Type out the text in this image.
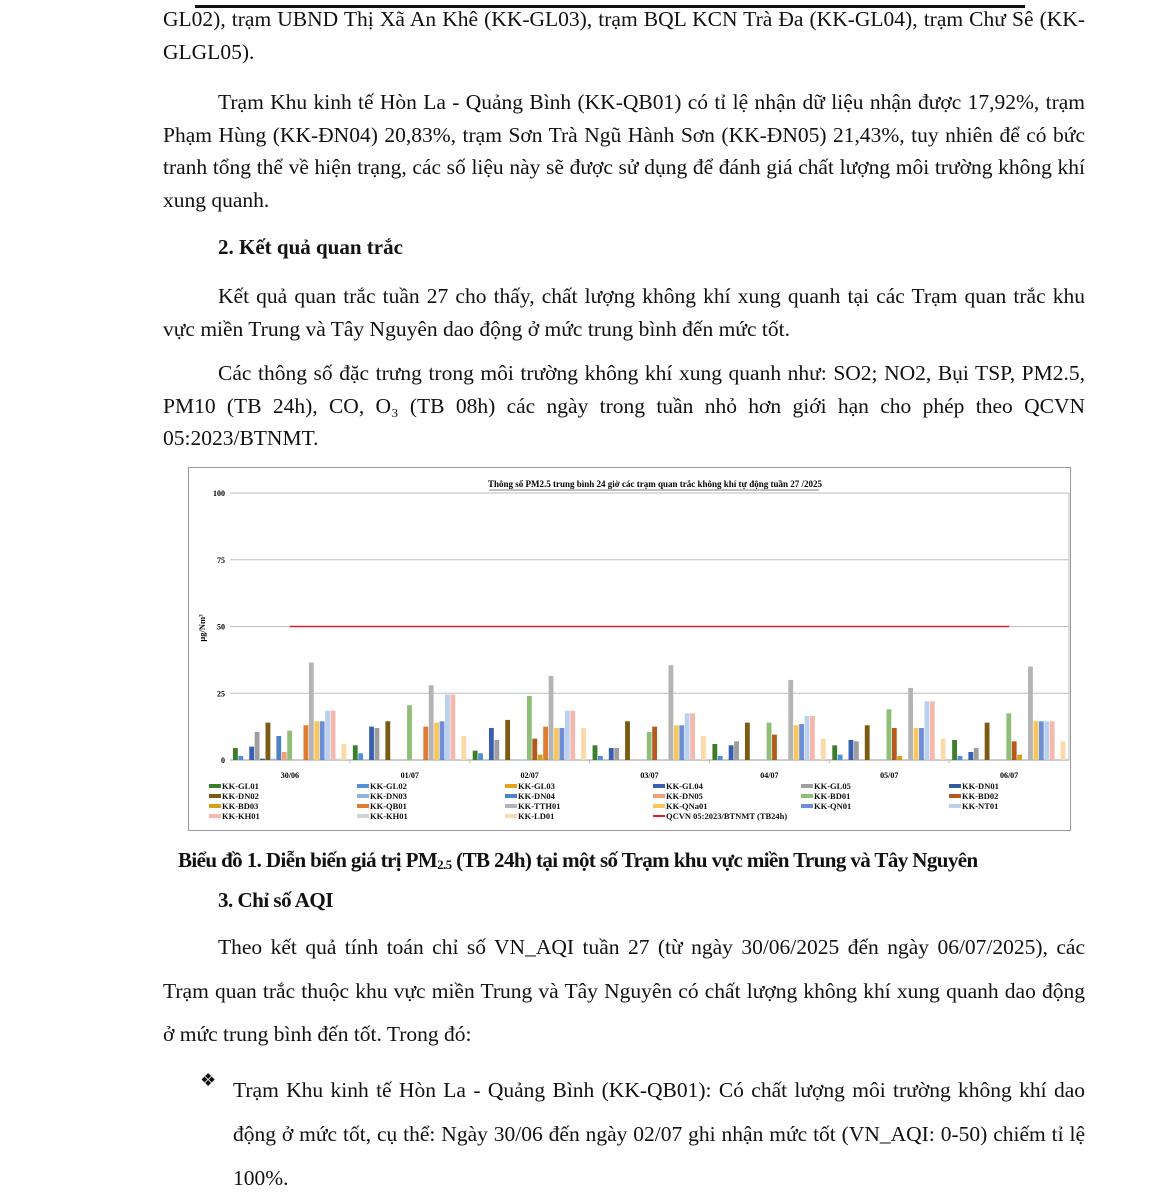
GL02), trạm UBND Thị Xã An Khê (KK-GL03), trạm BQL KCN Trà Đa (KK-GL04), trạm Chư Sê (KK-GLGL05).

Trạm Khu kinh tế Hòn La - Quảng Bình (KK-QB01) có tỉ lệ nhận dữ liệu nhận được 17,92%, trạm Phạm Hùng (KK-ĐN04) 20,83%, trạm Sơn Trà Ngũ Hành Sơn (KK-ĐN05) 21,43%, tuy nhiên để có bức tranh tổng thể về hiện trạng, các số liệu này sẽ được sử dụng để đánh giá chất lượng môi trường không khí xung quanh.

2. Kết quả quan trắc

Kết quả quan trắc tuần 27 cho thấy, chất lượng không khí xung quanh tại các Trạm quan trắc khu vực miền Trung và Tây Nguyên dao động ở mức trung bình đến mức tốt.

Các thông số đặc trưng trong môi trường không khí xung quanh như: SO2; NO2, Bụi TSP, PM2.5, PM10 (TB 24h), CO, O₃ (TB 08h) các ngày trong tuần nhỏ hơn giới hạn cho phép theo QCVN 05:2023/BTNMT.

Thông số PM2.5 trung bình 24 giờ các trạm quan trắc không khí tự động tuần 27 /2025
0
25
50
75
100
µg/Nm³
30/06	01/07	02/07	03/07	04/07	05/07	06/07
KK-GL01	KK-GL02	KK-GL03	KK-GL04	KK-GL05	KK-DN01
KK-DN02	KK-DN03	KK-DN04	KK-DN05	KK-BD01	KK-BD02
KK-BD03	KK-QB01	KK-TTH01	KK-QNa01	KK-QN01	KK-NT01
KK-KH01	KK-KH01	KK-LD01	QCVN 05:2023/BTNMT (TB24h)
Biểu đồ 1. Diễn biến giá trị $PM_{2.5}$ (TB 24h) tại một số Trạm khu vực miền Trung và Tây Nguyên

3. Chỉ số AQI

Theo kết quả tính toán chỉ số VN_AQI tuần 27 (từ ngày 30/06/2025 đến ngày 06/07/2025), các Trạm quan trắc thuộc khu vực miền Trung và Tây Nguyên có chất lượng không khí xung quanh dao động ở mức trung bình đến tốt. Trong đó:

❖ Trạm Khu kinh tế Hòn La - Quảng Bình (KK-QB01): Có chất lượng môi trường không khí dao động ở mức tốt, cụ thể: Ngày 30/06 đến ngày 02/07 ghi nhận mức tốt (VN_AQI: 0-50) chiếm tỉ lệ 100%.
